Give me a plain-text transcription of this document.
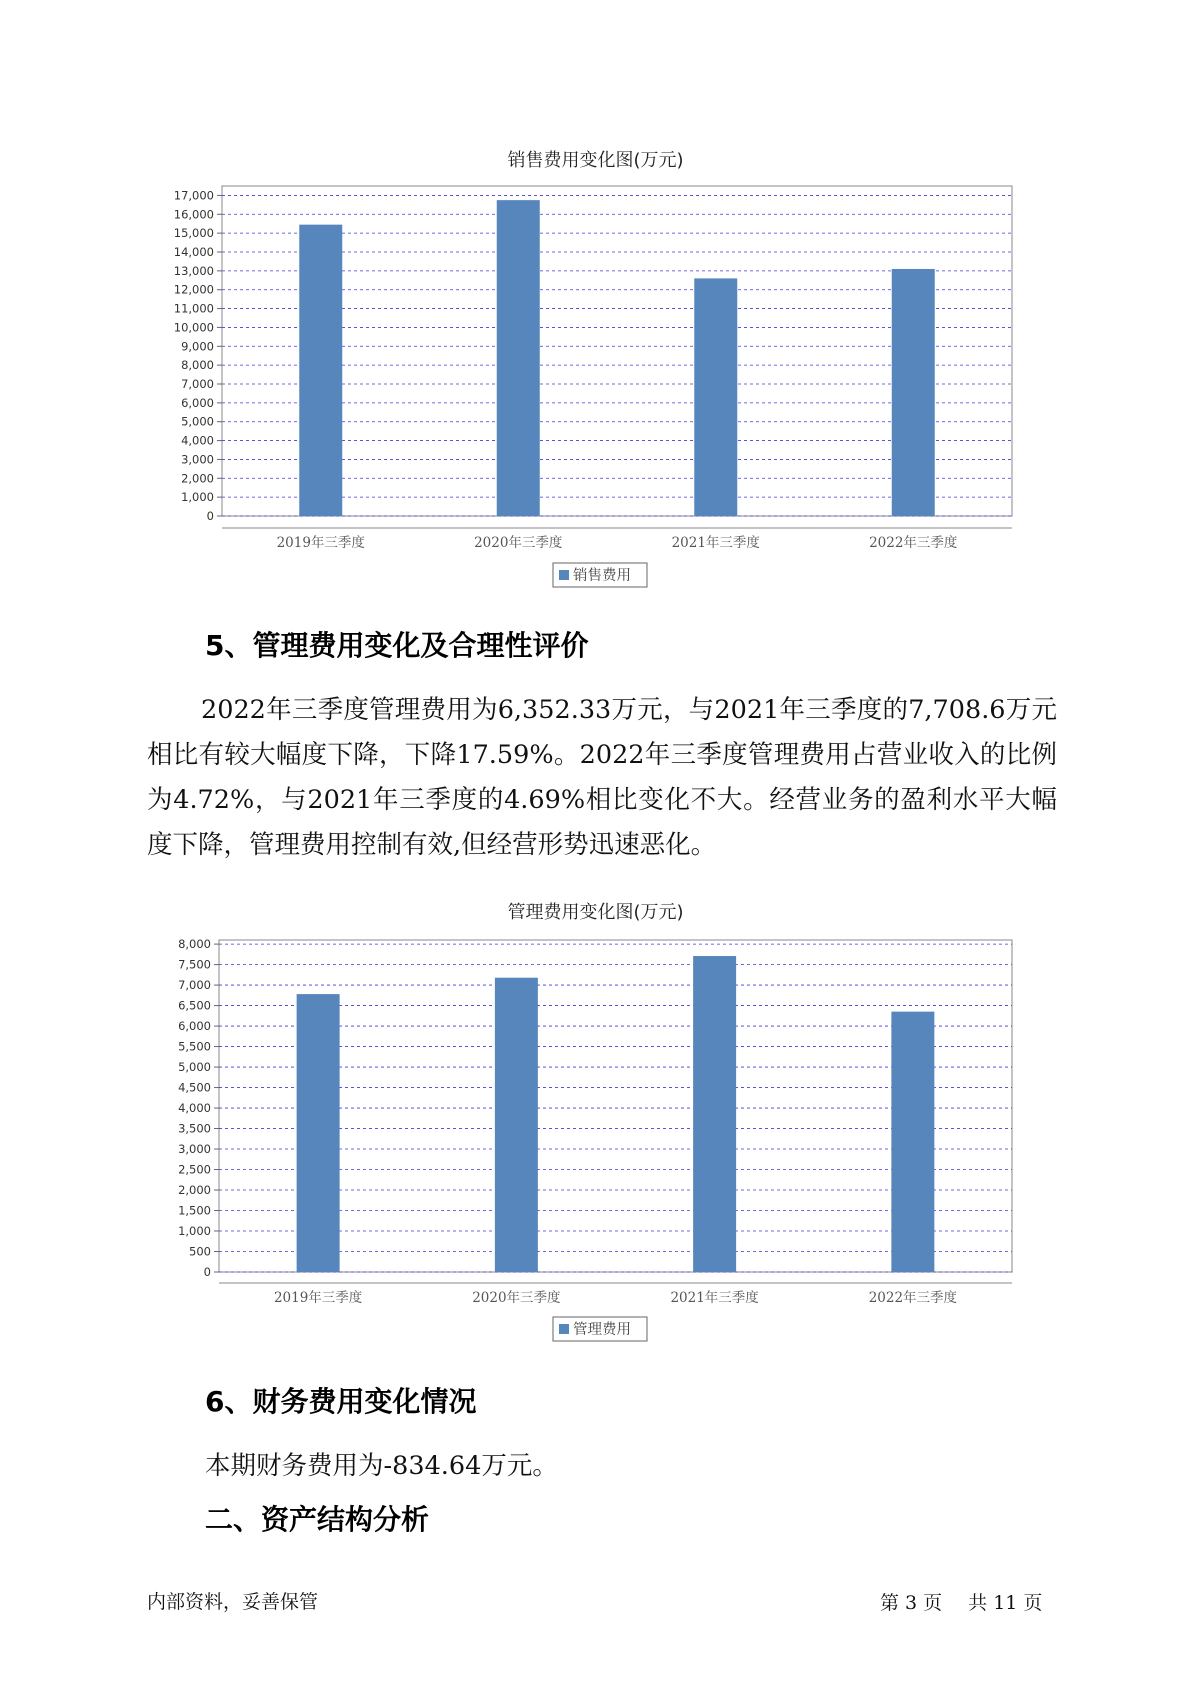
销售费用变化图(万元)
0
1,000
2,000
3,000
4,000
5,000
6,000
7,000
8,000
9,000
10,000
11,000
12,000
13,000
14,000
15,000
16,000
17,000
2019年三季度	2020年三季度	2021年三季度	2022年三季度
销售费用
5、管理费用变化及合理性评价
2022年三季度管理费用为6,352.33万元，与2021年三季度的7,708.6万元相比有较大幅度下降，下降17.59%。2022年三季度管理费用占营业收入的比例为4.72%，与2021年三季度的4.69%相比变化不大。经营业务的盈利水平大幅度下降，管理费用控制有效,但经营形势迅速恶化。
管理费用变化图(万元)
0
500
1,000
1,500
2,000
2,500
3,000
3,500
4,000
4,500
5,000
5,500
6,000
6,500
7,000
7,500
8,000
2019年三季度	2020年三季度	2021年三季度	2022年三季度
管理费用
6、财务费用变化情况
本期财务费用为-834.64万元。
二、资产结构分析
内部资料，妥善保管	第 3 页 共 11 页
